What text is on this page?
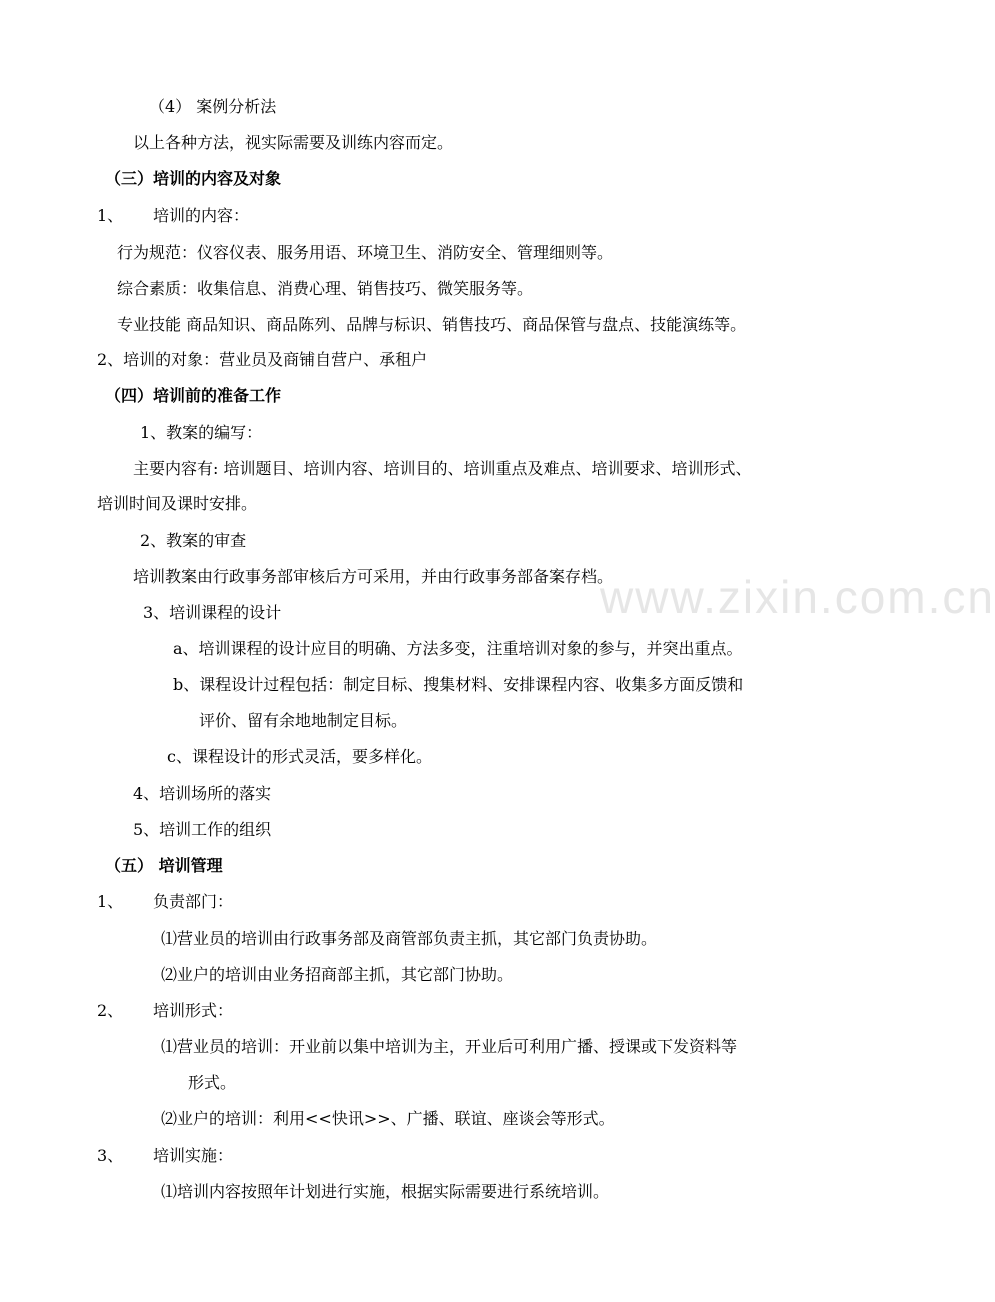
www.zixin.com.cn
（4） 案例分析法
以上各种方法，视实际需要及训练内容而定。
（三）培训的内容及对象
1、 培训的内容：
行为规范：仪容仪表、服务用语、环境卫生、消防安全、管理细则等。
综合素质：收集信息、消费心理、销售技巧、微笑服务等。
专业技能 商品知识、商品陈列、品牌与标识、销售技巧、商品保管与盘点、技能演练等。
2、培训的对象：营业员及商铺自营户、承租户
（四）培训前的准备工作
1、教案的编写：
主要内容有: 培训题目、培训内容、培训目的、培训重点及难点、培训要求、培训形式、
培训时间及课时安排。
2、教案的审查
培训教案由行政事务部审核后方可采用，并由行政事务部备案存档。
3、培训课程的设计
a、培训课程的设计应目的明确、方法多变，注重培训对象的参与，并突出重点。
b、课程设计过程包括：制定目标、搜集材料、安排课程内容、收集多方面反馈和
评价、留有余地地制定目标。
c、课程设计的形式灵活，要多样化。
4、培训场所的落实
5、培训工作的组织
（五） 培训管理
1、 负责部门：
⑴营业员的培训由行政事务部及商管部负责主抓，其它部门负责协助。
⑵业户的培训由业务招商部主抓，其它部门协助。
2、 培训形式：
⑴营业员的培训：开业前以集中培训为主，开业后可利用广播、授课或下发资料等
形式。
⑵业户的培训：利用<<快讯>>、广播、联谊、座谈会等形式。
3、 培训实施：
⑴培训内容按照年计划进行实施，根据实际需要进行系统培训。
